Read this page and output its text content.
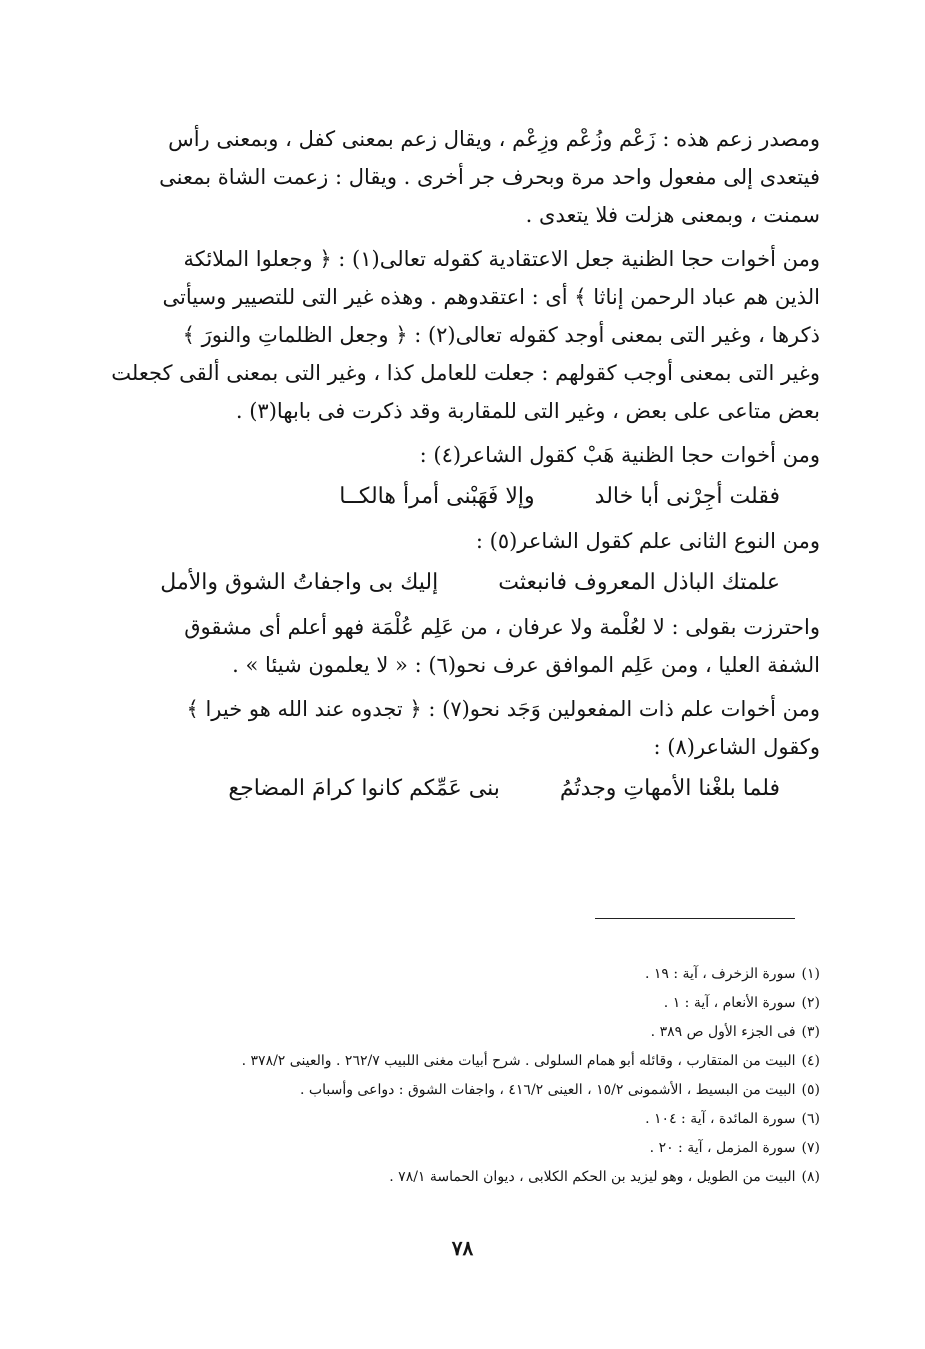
ومصدر زعم هذه : زَعْم وزُعْم وزِعْم ، ويقال زعم بمعنى كفل ، وبمعنى رأس
فيتعدى إلى مفعول واحد مرة وبحرف جر أخرى . ويقال : زعمت الشاة بمعنى
سمنت ، وبمعنى هزلت فلا يتعدى .

ومن أخوات حجا الظنية جعل الاعتقادية كقوله تعالى(١) : ﴿ وجعلوا الملائكة
الذين هم عباد الرحمن إناثا ﴾ أى : اعتقدوهم . وهذه غير التى للتصيير وسيأتى
ذكرها ، وغير التى بمعنى أوجد كقوله تعالى(٢) : ﴿ وجعل الظلماتِ والنورَ ﴾
وغير التى بمعنى أوجب كقولهم : جعلت للعامل كذا ، وغير التى بمعنى ألقى كجعلت
بعض متاعى على بعض ، وغير التى للمقاربة وقد ذكرت فى بابها(٣) .

ومن أخوات حجا الظنية هَبْ كقول الشاعر(٤) :

فقلت أجِرْنى أبا خالد
وإلا فَهَبْنى أمرأ هالكــا

ومن النوع الثانى علم كقول الشاعر(٥) :

علمتك الباذل المعروف فانبعثت
إليك بى واجفاتُ الشوق والأمل

واحترزت بقولى : لا لعُلْمة ولا عرفان ، من عَلِم عُلْمَة فهو أعلم أى مشقوق
الشفة العليا ، ومن عَلِم الموافق عرف نحو(٦) : « لا يعلمون شيئا » .

ومن أخوات علم ذات المفعولين وَجَد نحو(٧) : ﴿ تجدوه عند الله هو خيرا ﴾
وكقول الشاعر(٨) :

فلما بلغْنا الأمهاتِ وجدتُمُ
بنى عَمِّكم كانوا كرامَ المضاجع
(١)
سورة الزخرف ، آية : ١٩ .
(٢)
سورة الأنعام ، آية : ١ .
(٣)
فى الجزء الأول ص ٣٨٩ .
(٤)
البيت من المتقارب ، وقائله أبو همام السلولى . شرح أبيات مغنى اللبيب ٢٦٢/٧ . والعينى ٣٧٨/٢ .
(٥)
البيت من البسيط ، الأشمونى ١٥/٢ ، العينى ٤١٦/٢ ، واجفات الشوق : دواعى وأسباب .
(٦)
سورة المائدة ، آية : ١٠٤ .
(٧)
سورة المزمل ، آية : ٢٠ .
(٨)
البيت من الطويل ، وهو ليزيد بن الحكم الكلابى ، ديوان الحماسة ٧٨/١ .
٧٨
